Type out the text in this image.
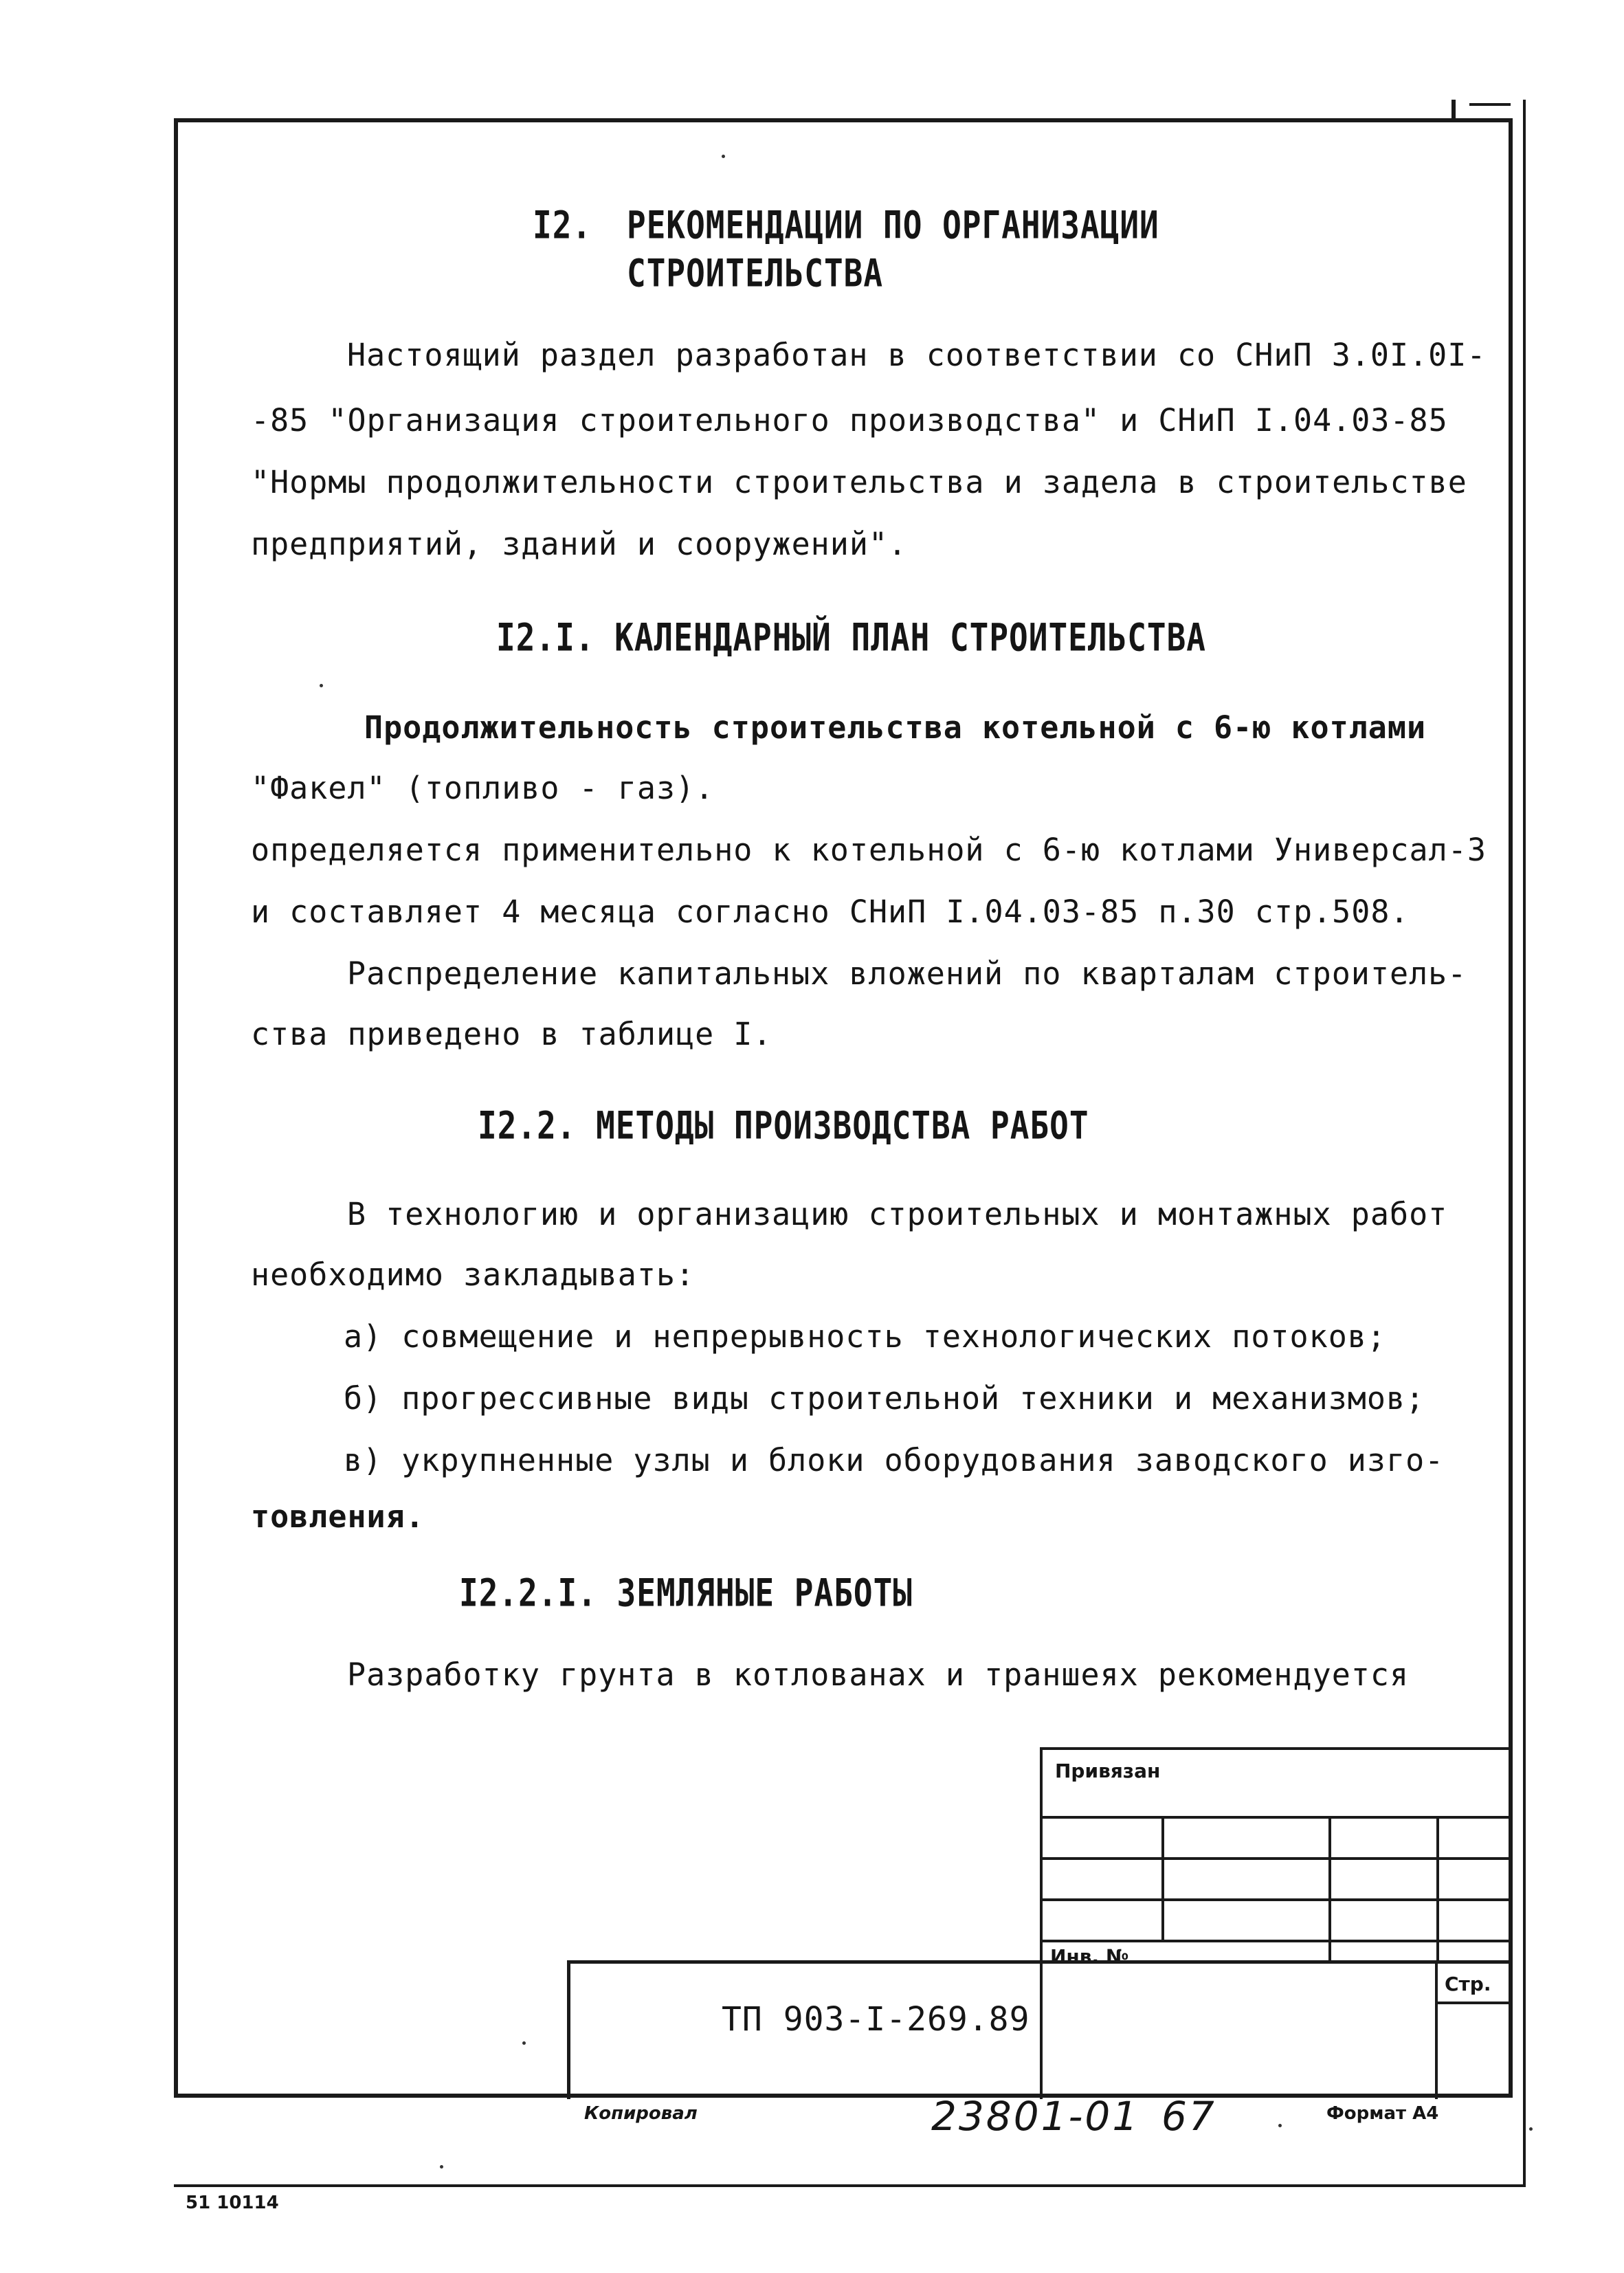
I2. РЕКОМЕНДАЦИИ ПО ОРГАНИЗАЦИИ
СТРОИТЕЛЬСТВА
Настоящий раздел разработан в соответствии со СНиП 3.0I.0I-
-85 "Организация строительного производства" и СНиП I.04.03-85
"Нормы продолжительности строительства и задела в строительстве
предприятий, зданий и сооружений".
I2.I. КАЛЕНДАРНЫЙ ПЛАН СТРОИТЕЛЬСТВА
Продолжительность строительства котельной с 6-ю котлами
"Факел" (топливо - газ).
определяется применительно к котельной с 6-ю котлами Универсал-3
и составляет 4 месяца согласно СНиП I.04.03-85 п.30 стр.508.
Распределение капитальных вложений по кварталам строитель-
ства приведено в таблице I.
I2.2. МЕТОДЫ ПРОИЗВОДСТВА РАБОТ
В технологию и организацию строительных и монтажных работ
необходимо закладывать:
а) совмещение и непрерывность технологических потоков;
б) прогрессивные виды строительной техники и механизмов;
в) укрупненные узлы и блоки оборудования заводского изго-
товления.
I2.2.I. ЗЕМЛЯНЫЕ РАБОТЫ
Разработку грунта в котлованах и траншеях рекомендуется
Привязан
Инв. №
Стр.
ТП 903-I-269.89
Копировал	23801-01 67	Формат А4
51 10114
